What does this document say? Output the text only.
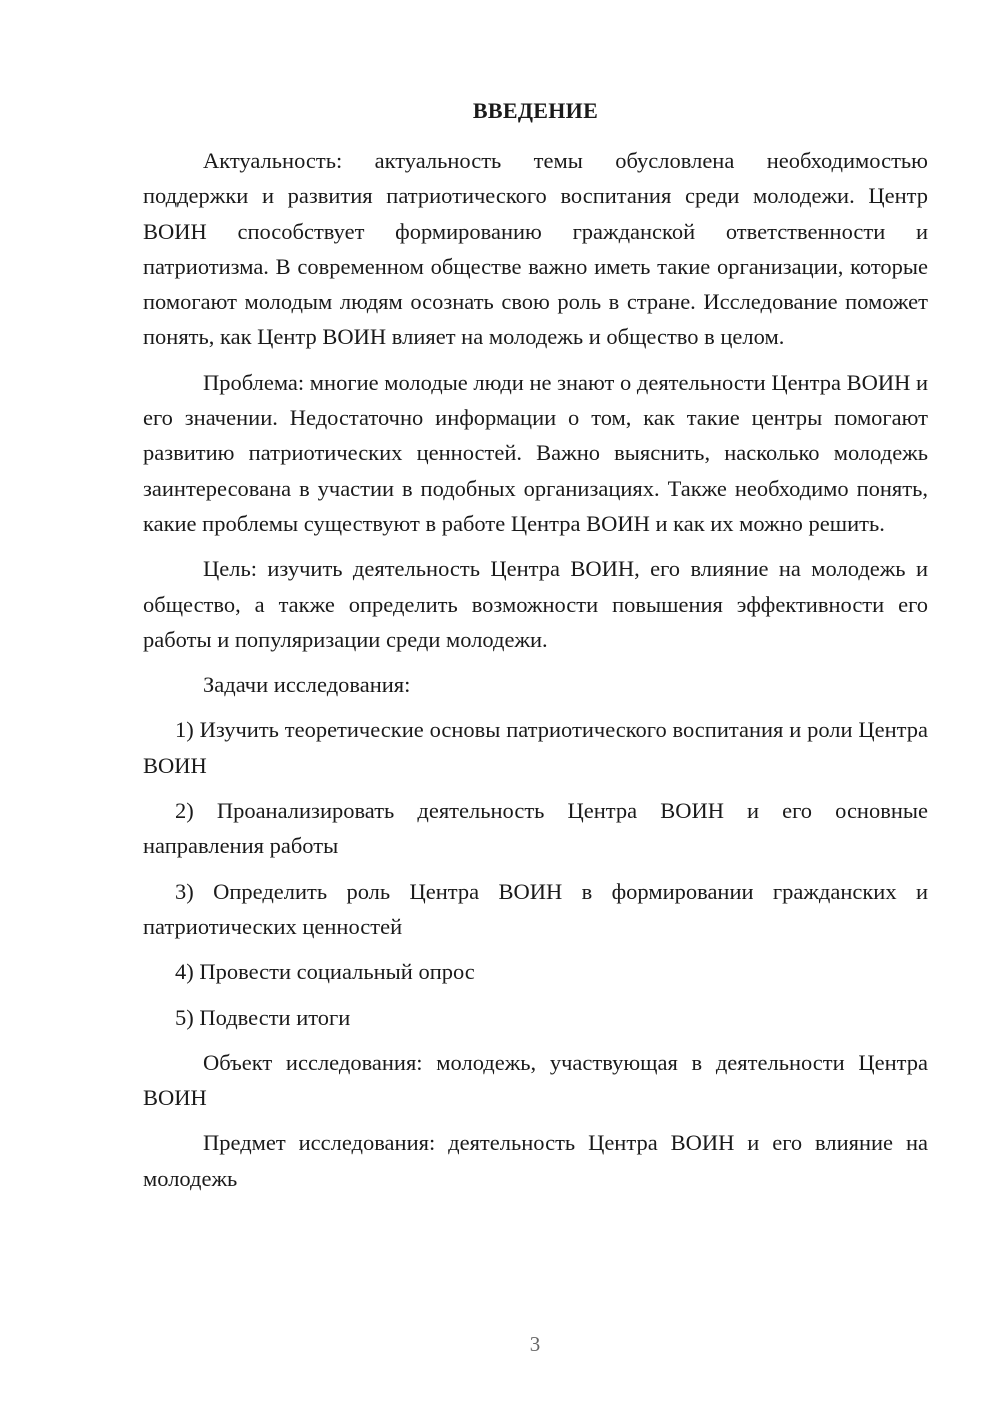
ВВЕДЕНИЕ

Актуальность: актуальность темы обусловлена необходимостью поддержки и развития патриотического воспитания среди молодежи. Центр ВОИН способствует формированию гражданской ответственности и патриотизма. В современном обществе важно иметь такие организации, которые помогают молодым людям осознать свою роль в стране. Исследование поможет понять, как Центр ВОИН влияет на молодежь и общество в целом.

Проблема: многие молодые люди не знают о деятельности Центра ВОИН и его значении. Недостаточно информации о том, как такие центры помогают развитию патриотических ценностей. Важно выяснить, насколько молодежь заинтересована в участии в подобных организациях. Также необходимо понять, какие проблемы существуют в работе Центра ВОИН и как их можно решить.

Цель: изучить деятельность Центра ВОИН, его влияние на молодежь и общество, а также определить возможности повышения эффективности его работы и популяризации среди молодежи.

Задачи исследования:

1) Изучить теоретические основы патриотического воспитания и роли Центра ВОИН

2) Проанализировать деятельность Центра ВОИН и его основные направления работы

3) Определить роль Центра ВОИН в формировании гражданских и патриотических ценностей

4) Провести социальный опрос

5) Подвести итоги

Объект исследования: молодежь, участвующая в деятельности Центра ВОИН

Предмет исследования: деятельность Центра ВОИН и его влияние на молодежь

3
